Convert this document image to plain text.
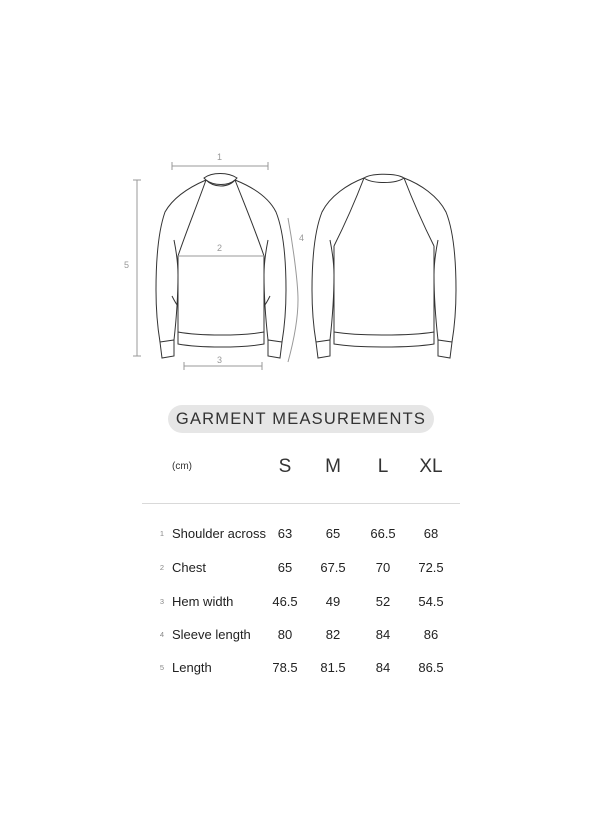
1
2
3
4
5
GARMENT MEASUREMENTS
(cm)	S	M	L	XL
1 Shoulder across 63	65	66.5	68
2 Chest	65	67.5	70	72.5
3 Hem width	46.5	49	52	54.5
4 Sleeve length	80	82	84	86
5 Length	78.5	81.5	84	86.5
